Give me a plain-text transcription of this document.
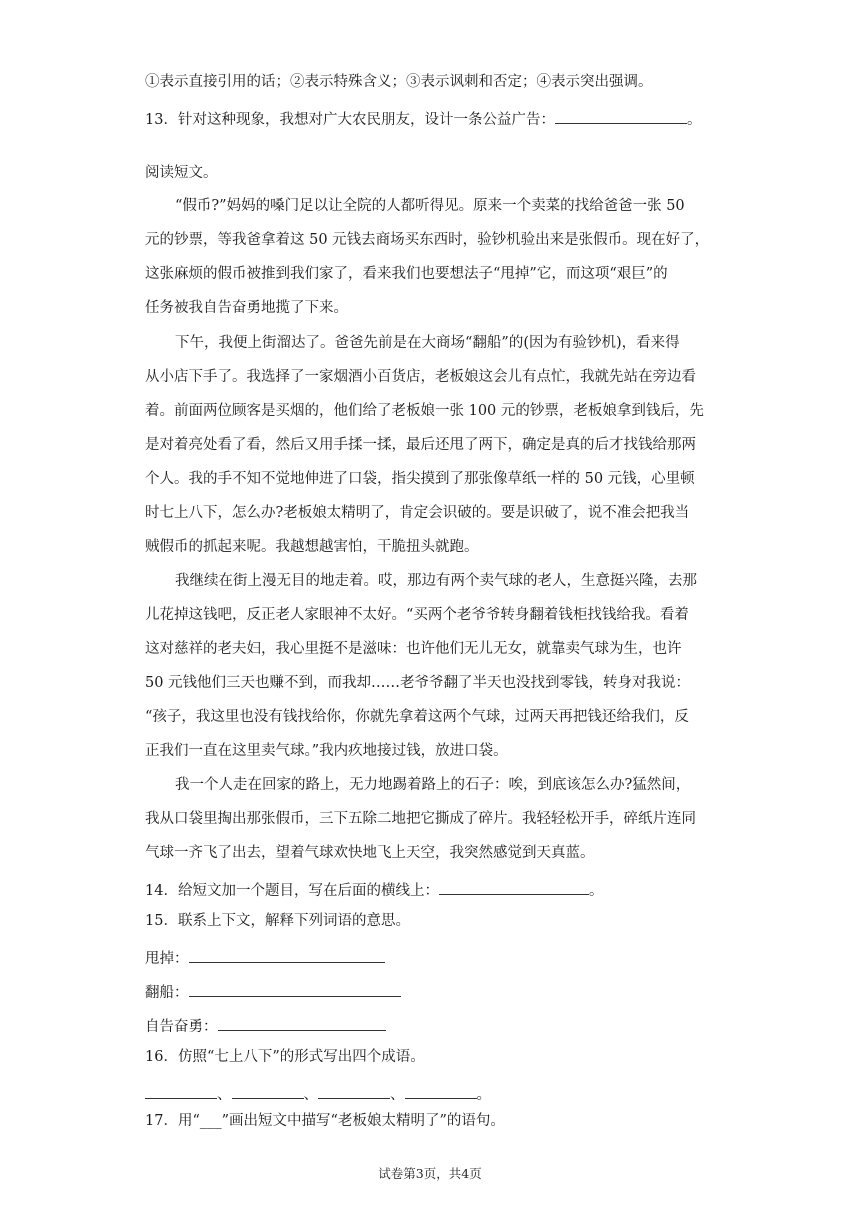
①表示直接引用的话；②表示特殊含义；③表示讽刺和否定；④表示突出强调。
13．针对这种现象，我想对广大农民朋友，设计一条公益广告：	。
阅读短文。
“假币?”妈妈的嗓门足以让全院的人都听得见。原来一个卖菜的找给爸爸一张 50
元的钞票，等我爸拿着这 50 元钱去商场买东西时，验钞机验出来是张假币。现在好了，
这张麻烦的假币被推到我们家了，看来我们也要想法子“甩掉”它，而这项“艰巨”的
任务被我自告奋勇地揽了下来。
下午，我便上街溜达了。爸爸先前是在大商场“翻船”的(因为有验钞机)，看来得
从小店下手了。我选择了一家烟酒小百货店，老板娘这会儿有点忙，我就先站在旁边看
着。前面两位顾客是买烟的，他们给了老板娘一张 100 元的钞票，老板娘拿到钱后，先
是对着亮处看了看，然后又用手揉一揉，最后还甩了两下，确定是真的后才找钱给那两
个人。我的手不知不觉地伸进了口袋，指尖摸到了那张像草纸一样的 50 元钱，心里顿
时七上八下，怎么办?老板娘太精明了，肯定会识破的。要是识破了，说不准会把我当
贼假币的抓起来呢。我越想越害怕，干脆扭头就跑。
我继续在街上漫无目的地走着。哎，那边有两个卖气球的老人，生意挺兴隆，去那
儿花掉这钱吧，反正老人家眼神不太好。“买两个老爷爷转身翻着钱柜找钱给我。看着
这对慈祥的老夫妇，我心里挺不是滋味：也许他们无儿无女，就靠卖气球为生，也许
50 元钱他们三天也赚不到，而我却……老爷爷翻了半天也没找到零钱，转身对我说：
“孩子，我这里也没有钱找给你，你就先拿着这两个气球，过两天再把钱还给我们，反
正我们一直在这里卖气球。”我内疚地接过钱，放进口袋。
我一个人走在回家的路上，无力地踢着路上的石子：唉，到底该怎么办?猛然间，
我从口袋里掏出那张假币，三下五除二地把它撕成了碎片。我轻轻松开手，碎纸片连同
气球一齐飞了出去，望着气球欢快地飞上天空，我突然感觉到天真蓝。
14．给短文加一个题目，写在后面的横线上：	。
15．联系上下文，解释下列词语的意思。
甩掉：
翻船：
自告奋勇：
16．仿照“七上八下”的形式写出四个成语。
、	、	、	。
17．用“___”画出短文中描写“老板娘太精明了”的语句。
试卷第3页，共4页
